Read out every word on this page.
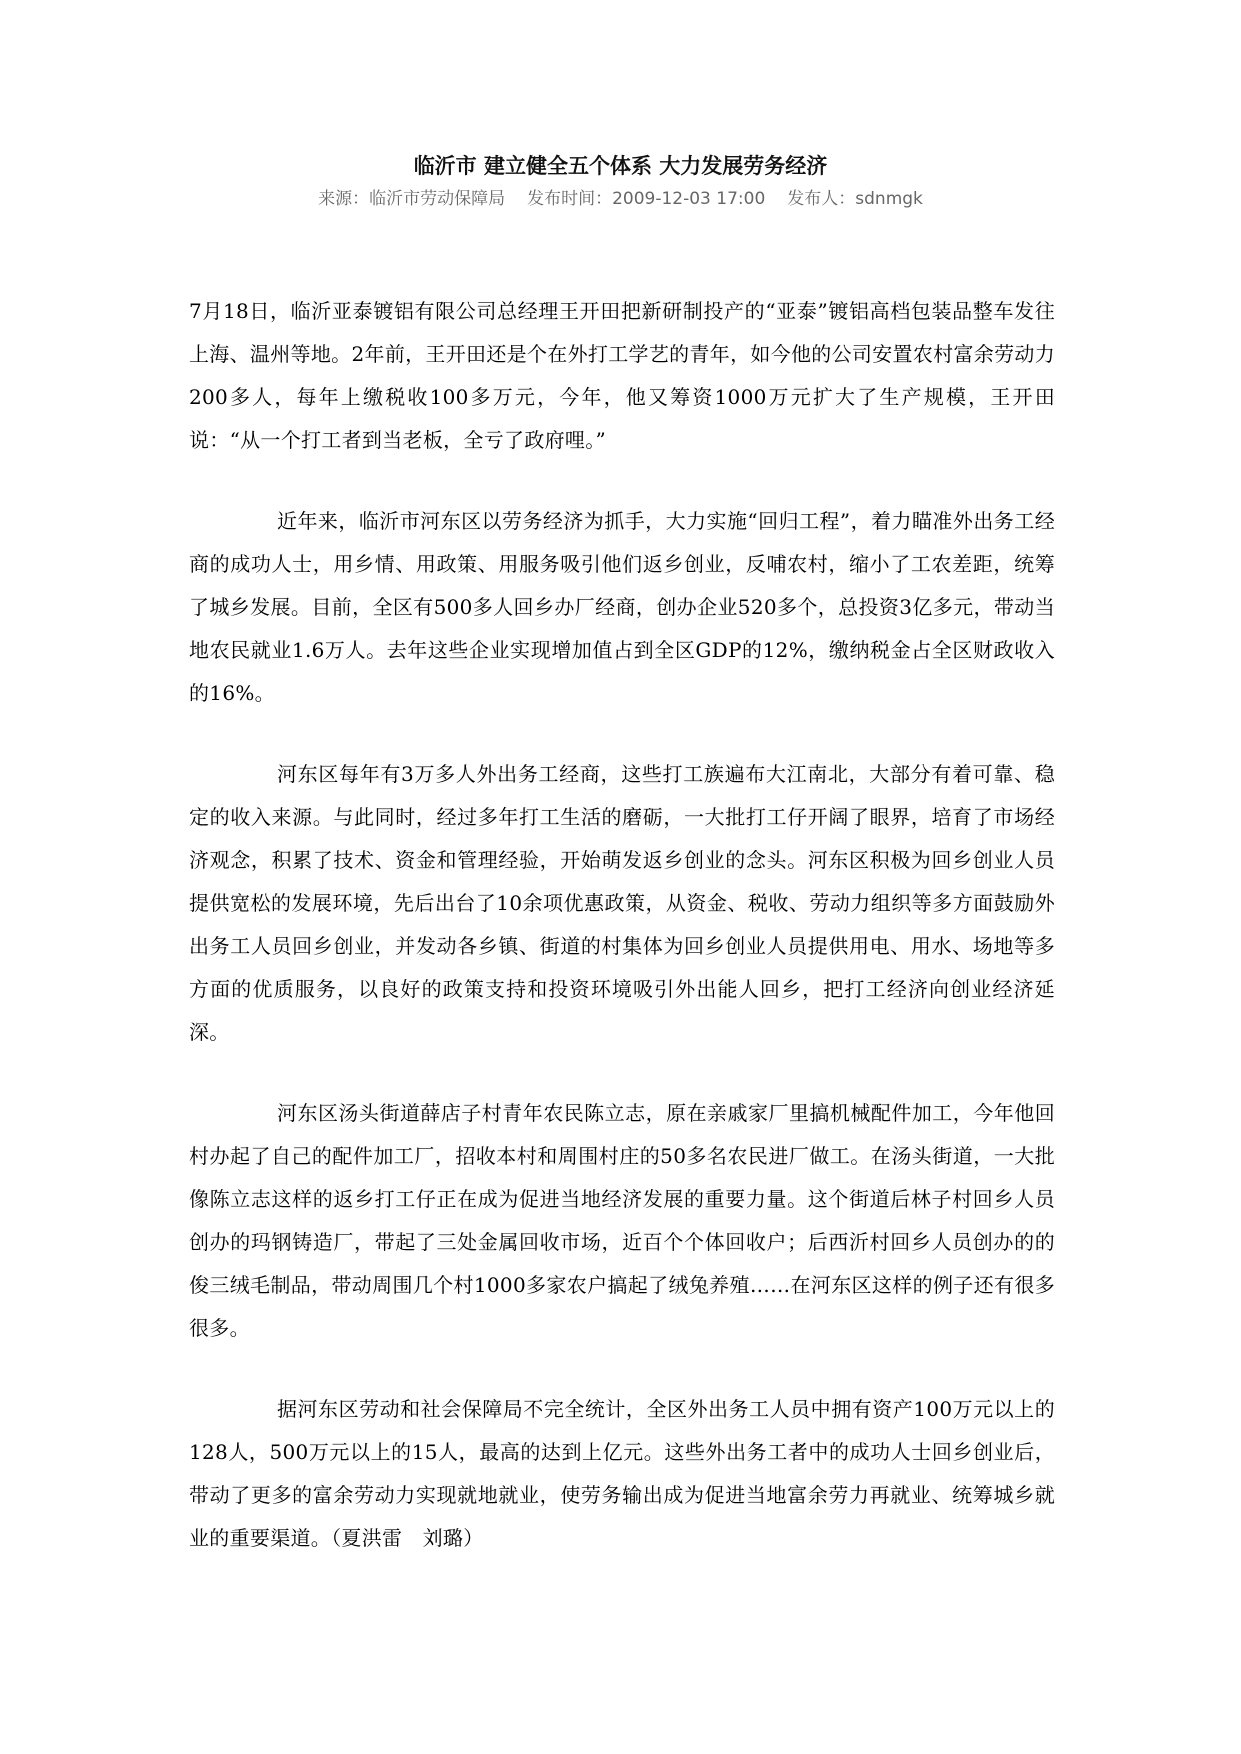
临沂市 建立健全五个体系 大力发展劳务经济
来源：临沂市劳动保障局 发布时间：2009-12-03 17:00 发布人：sdnmgk

7月18日，临沂亚泰镀铝有限公司总经理王开田把新研制投产的“亚泰”镀铝高档包装品整车发往上海、温州等地。2年前，王开田还是个在外打工学艺的青年，如今他的公司安置农村富余劳动力200多人，每年上缴税收100多万元，今年，他又筹资1000万元扩大了生产规模，王开田说：“从一个打工者到当老板，全亏了政府哩。”

近年来，临沂市河东区以劳务经济为抓手，大力实施“回归工程”，着力瞄准外出务工经商的成功人士，用乡情、用政策、用服务吸引他们返乡创业，反哺农村，缩小了工农差距，统筹了城乡发展。目前，全区有500多人回乡办厂经商，创办企业520多个，总投资3亿多元，带动当地农民就业1.6万人。去年这些企业实现增加值占到全区GDP的12%，缴纳税金占全区财政收入的16%。

河东区每年有3万多人外出务工经商，这些打工族遍布大江南北，大部分有着可靠、稳定的收入来源。与此同时，经过多年打工生活的磨砺，一大批打工仔开阔了眼界，培育了市场经济观念，积累了技术、资金和管理经验，开始萌发返乡创业的念头。河东区积极为回乡创业人员提供宽松的发展环境，先后出台了10余项优惠政策，从资金、税收、劳动力组织等多方面鼓励外出务工人员回乡创业，并发动各乡镇、街道的村集体为回乡创业人员提供用电、用水、场地等多方面的优质服务，以良好的政策支持和投资环境吸引外出能人回乡，把打工经济向创业经济延深。

河东区汤头街道薛店子村青年农民陈立志，原在亲戚家厂里搞机械配件加工，今年他回村办起了自己的配件加工厂，招收本村和周围村庄的50多名农民进厂做工。在汤头街道，一大批像陈立志这样的返乡打工仔正在成为促进当地经济发展的重要力量。这个街道后林子村回乡人员创办的玛钢铸造厂，带起了三处金属回收市场，近百个个体回收户；后西沂村回乡人员创办的的俊三绒毛制品，带动周围几个村1000多家农户搞起了绒兔养殖……在河东区这样的例子还有很多很多。

据河东区劳动和社会保障局不完全统计，全区外出务工人员中拥有资产100万元以上的128人，500万元以上的15人，最高的达到上亿元。这些外出务工者中的成功人士回乡创业后，带动了更多的富余劳动力实现就地就业，使劳务输出成为促进当地富余劳力再就业、统筹城乡就业的重要渠道。（夏洪雷　刘璐）
